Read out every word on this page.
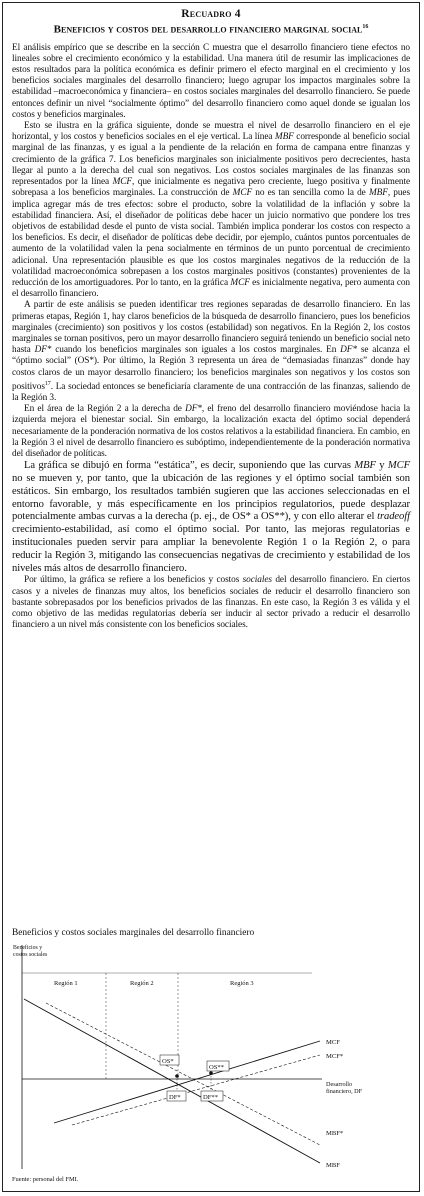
Recuadro 4
Beneficios y costos del desarrollo financiero marginal social$^{16}$

El análisis empírico que se describe en la sección C muestra que el desarrollo financiero tiene efectos no lineales sobre el crecimiento económico y la estabilidad. Una manera útil de resumir las implicaciones de estos resultados para la política económica es definir primero el efecto marginal en el crecimiento y los beneficios sociales marginales del desarrollo financiero; luego agrupar los impactos marginales sobre la estabilidad –macroeconómica y financiera– en costos sociales marginales del desarrollo financiero. Se puede entonces definir un nivel “socialmente óptimo” del desarrollo financiero como aquel donde se igualan los costos y beneficios marginales.

Esto se ilustra en la gráfica siguiente, donde se muestra el nivel de desarrollo financiero en el eje horizontal, y los costos y beneficios sociales en el eje vertical. La línea MBF corresponde al beneficio social marginal de las finanzas, y es igual a la pendiente de la relación en forma de campana entre finanzas y crecimiento de la gráfica 7. Los beneficios marginales son inicialmente positivos pero decrecientes, hasta llegar al punto a la derecha del cual son negativos. Los costos sociales marginales de las finanzas son representados por la línea MCF, que inicialmente es negativa pero creciente, luego positiva y finalmente sobrepasa a los beneficios marginales. La construcción de MCF no es tan sencilla como la de MBF, pues implica agregar más de tres efectos: sobre el producto, sobre la volatilidad de la inflación y sobre la estabilidad financiera. Así, el diseñador de políticas debe hacer un juicio normativo que pondere los tres objetivos de estabilidad desde el punto de vista social. También implica ponderar los costos con respecto a los beneficios. Es decir, el diseñador de políticas debe decidir, por ejemplo, cuántos puntos porcentuales de aumento de la volatilidad valen la pena socialmente en términos de un punto porcentual de crecimiento adicional. Una representación plausible es que los costos marginales negativos de la reducción de la volatilidad macroeconómica sobrepasen a los costos marginales positivos (constantes) provenientes de la reducción de los amortiguadores. Por lo tanto, en la gráfica MCF es inicialmente negativa, pero aumenta con el desarrollo financiero.

A partir de este análisis se pueden identificar tres regiones separadas de desarrollo financiero. En las primeras etapas, Región 1, hay claros beneficios de la búsqueda de desarrollo financiero, pues los beneficios marginales (crecimiento) son positivos y los costos (estabilidad) son negativos. En la Región 2, los costos marginales se tornan positivos, pero un mayor desarrollo financiero seguirá teniendo un beneficio social neto hasta DF* cuando los beneficios marginales son iguales a los costos marginales. En DF* se alcanza el “óptimo social” (OS*). Por último, la Región 3 representa un área de “demasiadas finanzas” donde hay costos claros de un mayor desarrollo financiero; los beneficios marginales son negativos y los costos son positivos$^{17}$. La sociedad entonces se beneficiaría claramente de una contracción de las finanzas, saliendo de la Región 3.

En el área de la Región 2 a la derecha de DF*, el freno del desarrollo financiero moviéndose hacia la izquierda mejora el bienestar social. Sin embargo, la localización exacta del óptimo social dependerá necesariamente de la ponderación normativa de los costos relativos a la estabilidad financiera. En cambio, en la Región 3 el nivel de desarrollo financiero es subóptimo, independientemente de la ponderación normativa del diseñador de políticas.

La gráfica se dibujó en forma “estática”, es decir, suponiendo que las curvas MBF y MCF no se mueven y, por tanto, que la ubicación de las regiones y el óptimo social también son estáticos. Sin embargo, los resultados también sugieren que las acciones seleccionadas en el entorno favorable, y más específicamente en los principios regulatorios, puede desplazar potencialmente ambas curvas a la derecha (p. ej., de OS* a OS**), y con ello alterar el tradeoff crecimiento-estabilidad, así como el óptimo social. Por tanto, las mejoras regulatorias e institucionales pueden servir para ampliar la benevolente Región 1 o la Región 2, o para reducir la Región 3, mitigando las consecuencias negativas de crecimiento y estabilidad de los niveles más altos de desarrollo financiero.

Por último, la gráfica se refiere a los beneficios y costos sociales del desarrollo financiero. En ciertos casos y a niveles de finanzas muy altos, los beneficios sociales de reducir el desarrollo financiero son bastante sobrepasados por los beneficios privados de las finanzas. En este caso, la Región 3 es válida y el como objetivo de las medidas regulatorias debería ser inducir al sector privado a reducir el desarrollo financiero a un nivel más consistente con los beneficios sociales.

Beneficios y costos sociales marginales del desarrollo financiero
Beneficios y
costos sociales
Región 1	Región 2	Región 3
OS*
OS**
DF*	DF**
MCF
MCF*
Desarrollo
financiero, DF
MBF*
MBF
Fuente: personal del FMI.
